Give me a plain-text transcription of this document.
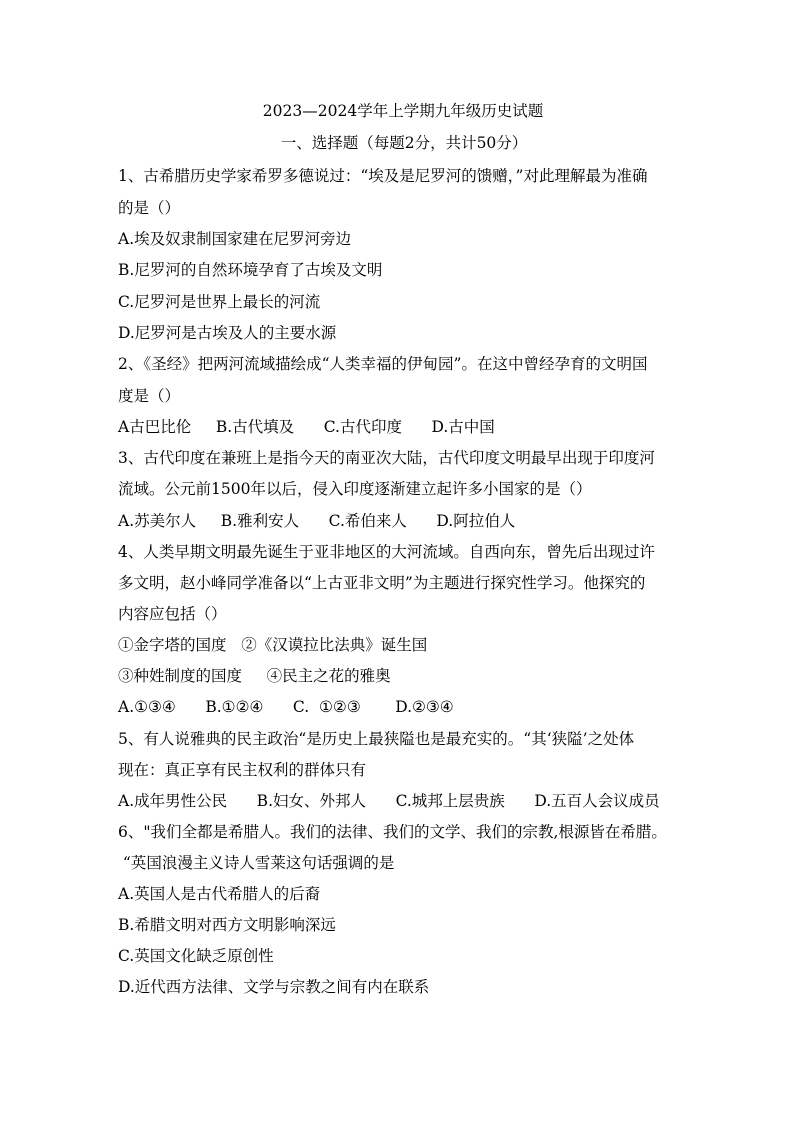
2023—2024学年上学期九年级历史试题
一、选择题（每题2分，共计50分）
1、古希腊历史学家希罗多德说过：“埃及是尼罗河的馈赠，”对此理解最为准确
的是（）
A.埃及奴隶制国家建在尼罗河旁边
B.尼罗河的自然环境孕育了古埃及文明
C.尼罗河是世界上最长的河流
D.尼罗河是古埃及人的主要水源
2、《圣经》把两河流域描绘成“人类幸福的伊甸园”。在这中曾经孕育的文明国
度是（）
A古巴比伦     B.古代填及      C.古代印度      D.古中国
3、古代印度在兼班上是指今天的南亚次大陆，古代印度文明最早出现于印度河
流域。公元前1500年以后，侵入印度逐渐建立起许多小国家的是（）
A.苏美尔人     B.雅利安人      C.希伯来人      D.阿拉伯人
4、人类早期文明最先诞生于亚非地区的大河流域。自西向东，曾先后出现过许
多文明，赵小峰同学准备以“上古亚非文明”为主题进行探究性学习。他探究的
内容应包括（）
①金字塔的国度   ②《汉谟拉比法典》诞生国
③种姓制度的国度     ④民主之花的雅奥
A.①③④      B.①②④      C.  ①②③       D.②③④
5、有人说雅典的民主政治“是历史上最狭隘也是最充实的。“其‘狭隘’之处体
现在：真正享有民主权利的群体只有
A.成年男性公民      B.妇女、外邦人      C.城邦上层贵族      D.五百人会议成员
6、"我们全都是希腊人。我们的法律、我们的文学、我们的宗教,根源皆在希腊。
“英国浪漫主义诗人雪莱这句话强调的是
A.英国人是古代希腊人的后裔
B.希腊文明对西方文明影响深远
C.英国文化缺乏原创性
D.近代西方法律、文学与宗教之间有内在联系
